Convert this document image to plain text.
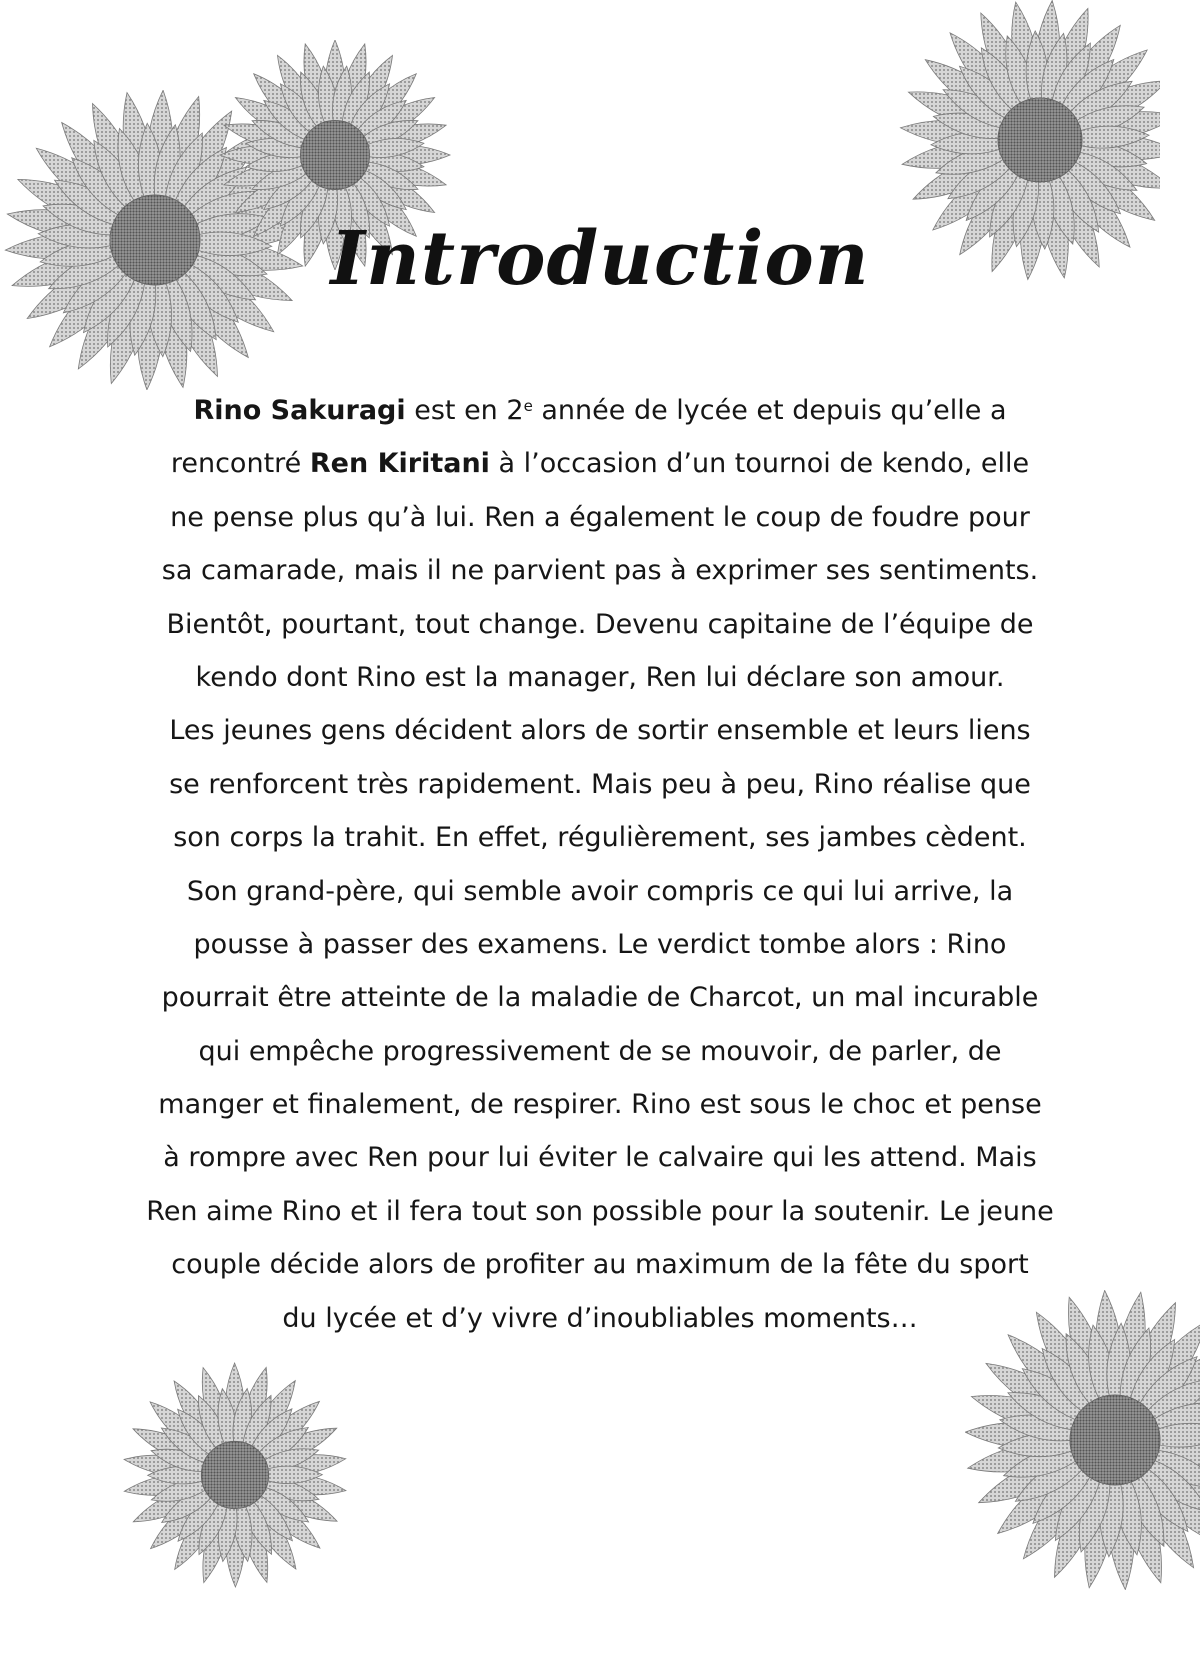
Introduction
Rino Sakuragi est en 2e année de lycée et depuis qu’elle a
rencontré Ren Kiritani à l’occasion d’un tournoi de kendo, elle
ne pense plus qu’à lui. Ren a également le coup de foudre pour
sa camarade, mais il ne parvient pas à exprimer ses sentiments.
Bientôt, pourtant, tout change. Devenu capitaine de l’équipe de
kendo dont Rino est la manager, Ren lui déclare son amour.
Les jeunes gens décident alors de sortir ensemble et leurs liens
se renforcent très rapidement. Mais peu à peu, Rino réalise que
son corps la trahit. En effet, régulièrement, ses jambes cèdent.
Son grand-père, qui semble avoir compris ce qui lui arrive, la
pousse à passer des examens. Le verdict tombe alors : Rino
pourrait être atteinte de la maladie de Charcot, un mal incurable
qui empêche progressivement de se mouvoir, de parler, de
manger et finalement, de respirer. Rino est sous le choc et pense
à rompre avec Ren pour lui éviter le calvaire qui les attend. Mais
Ren aime Rino et il fera tout son possible pour la soutenir. Le jeune
couple décide alors de profiter au maximum de la fête du sport
du lycée et d’y vivre d’inoubliables moments…
